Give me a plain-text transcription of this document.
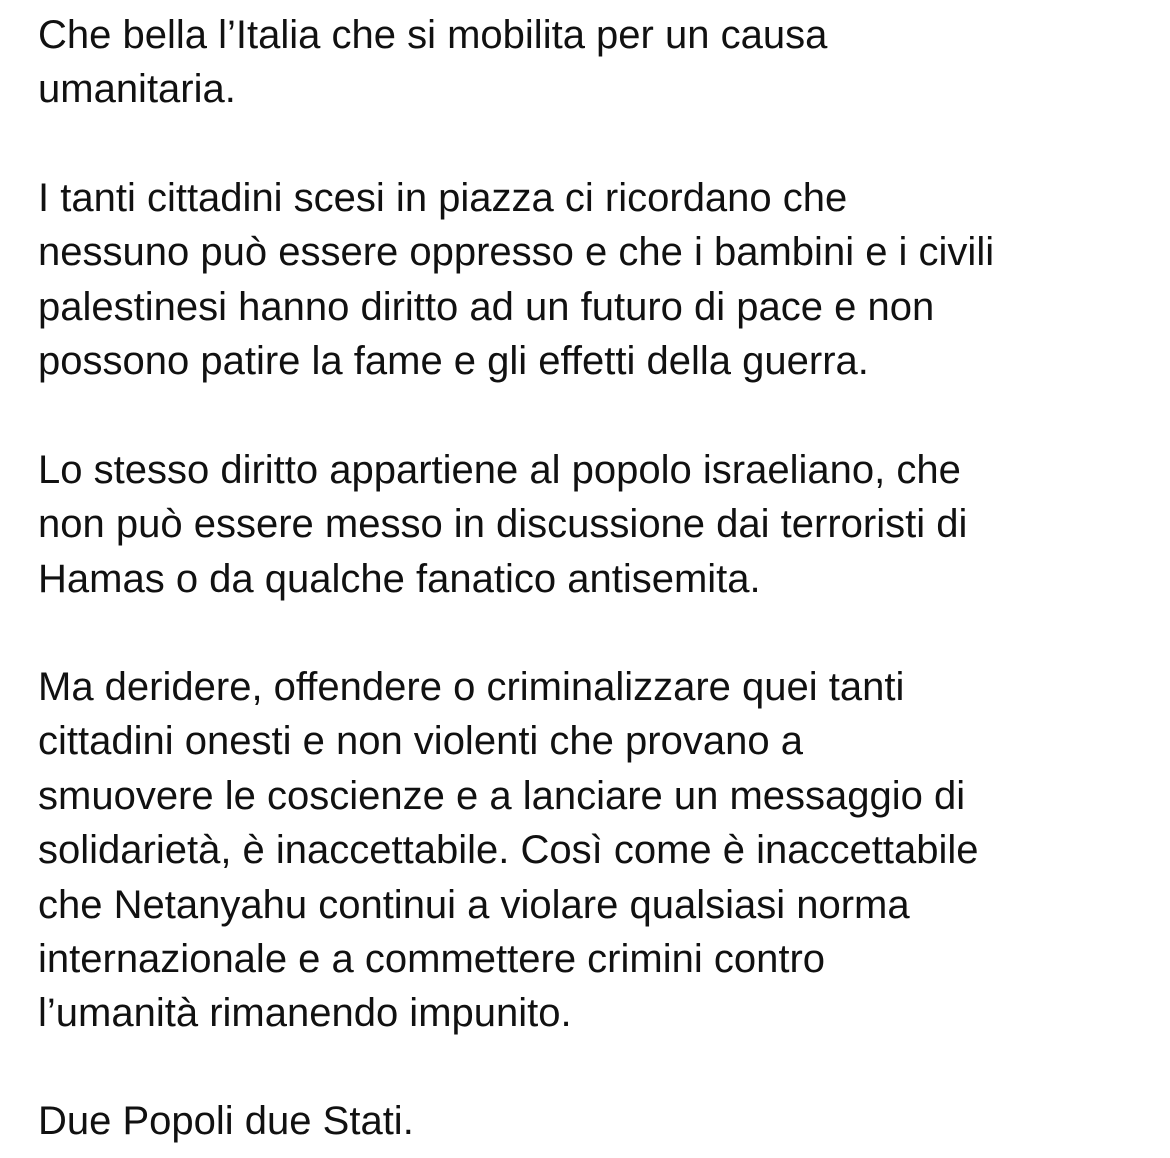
Che bella l’Italia che si mobilita per un causa
umanitaria.
I tanti cittadini scesi in piazza ci ricordano che
nessuno può essere oppresso e che i bambini e i civili
palestinesi hanno diritto ad un futuro di pace e non
possono patire la fame e gli effetti della guerra.
Lo stesso diritto appartiene al popolo israeliano, che
non può essere messo in discussione dai terroristi di
Hamas o da qualche fanatico antisemita.
Ma deridere, offendere o criminalizzare quei tanti
cittadini onesti e non violenti che provano a
smuovere le coscienze e a lanciare un messaggio di
solidarietà, è inaccettabile. Così come è inaccettabile
che Netanyahu continui a violare qualsiasi norma
internazionale e a commettere crimini contro
l’umanità rimanendo impunito.
Due Popoli due Stati.
